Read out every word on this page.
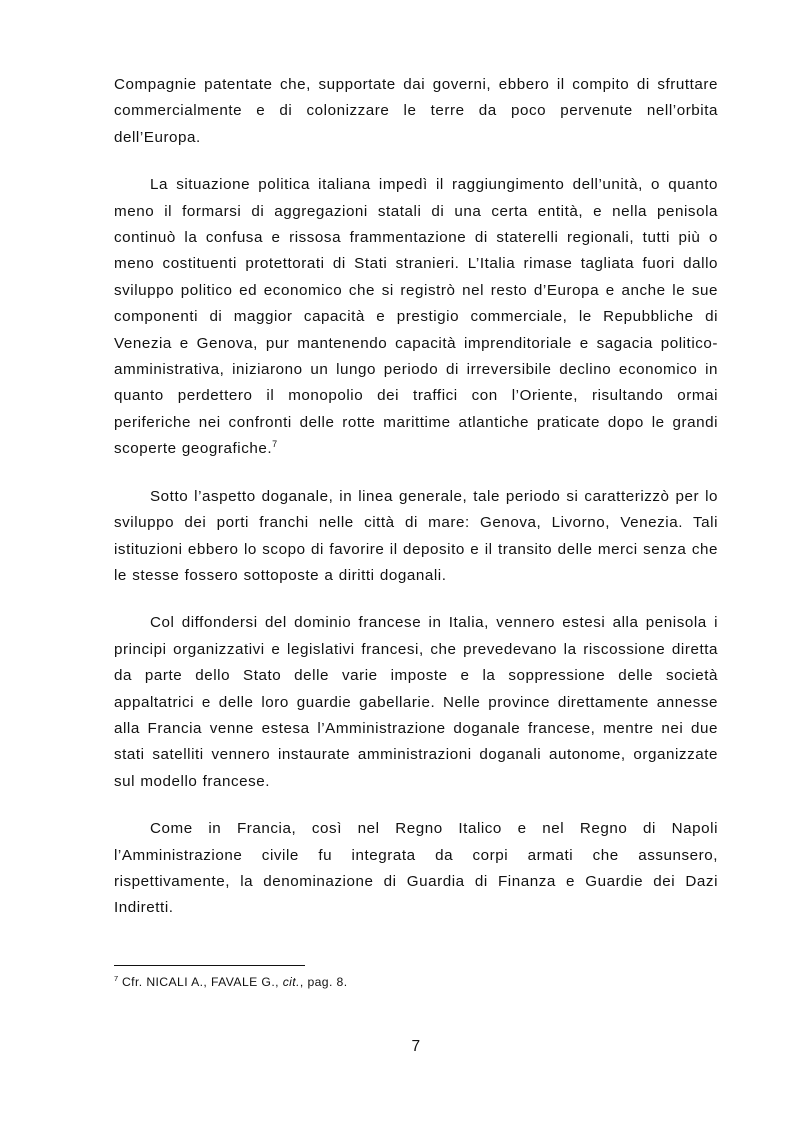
Compagnie patentate che, supportate dai governi, ebbero il compito di sfruttare commercialmente e di colonizzare le terre da poco pervenute nell’orbita dell’Europa.

La situazione politica italiana impedì il raggiungimento dell’unità, o quanto meno il formarsi di aggregazioni statali di una certa entità, e nella penisola continuò la confusa e rissosa frammentazione di staterelli regionali, tutti più o meno costituenti protettorati di Stati stranieri. L’Italia rimase tagliata fuori dallo sviluppo politico ed economico che si registrò nel resto d’Europa e anche le sue componenti di maggior capacità e prestigio commerciale, le Repubbliche di Venezia e Genova, pur mantenendo capacità imprenditoriale e sagacia politico-amministrativa, iniziarono un lungo periodo di irreversibile declino economico in quanto perdettero il monopolio dei traffici con l’Oriente, risultando ormai periferiche nei confronti delle rotte marittime atlantiche praticate dopo le grandi scoperte geografiche.$^7$

Sotto l’aspetto doganale, in linea generale, tale periodo si caratterizzò per lo sviluppo dei porti franchi nelle città di mare: Genova, Livorno, Venezia. Tali istituzioni ebbero lo scopo di favorire il deposito e il transito delle merci senza che le stesse fossero sottoposte a diritti doganali.

Col diffondersi del dominio francese in Italia, vennero estesi alla penisola i principi organizzativi e legislativi francesi, che prevedevano la riscossione diretta da parte dello Stato delle varie imposte e la soppressione delle società appaltatrici e delle loro guardie gabellarie. Nelle province direttamente annesse alla Francia venne estesa l’Amministrazione doganale francese, mentre nei due stati satelliti vennero instaurate amministrazioni doganali autonome, organizzate sul modello francese.

Come in Francia, così nel Regno Italico e nel Regno di Napoli l’Amministrazione civile fu integrata da corpi armati che assunsero, rispettivamente, la denominazione di Guardia di Finanza e Guardie dei Dazi Indiretti.

$^7$ Cfr. NICALI A., FAVALE G., cit., pag. 8.
7
